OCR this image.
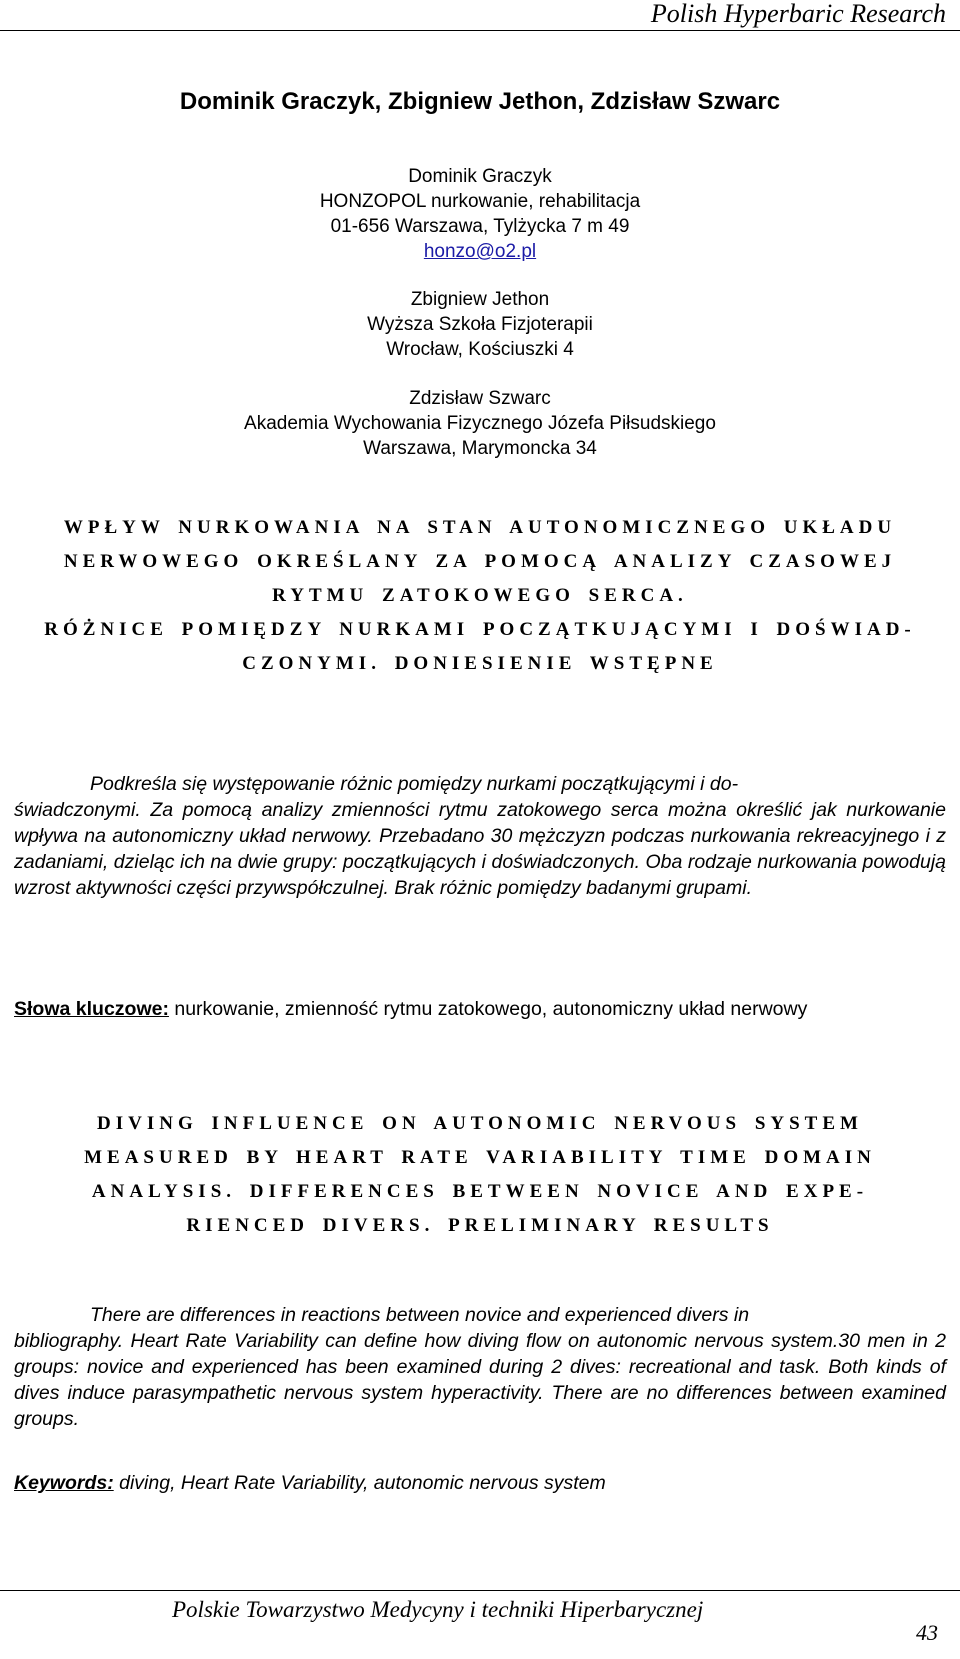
Polish Hyperbaric Research
Dominik Graczyk, Zbigniew Jethon, Zdzisław Szwarc
Dominik Graczyk
HONZOPOL nurkowanie, rehabilitacja
01-656 Warszawa, Tylżycka 7 m 49
honzo@o2.pl
Zbigniew Jethon
Wyższa Szkoła Fizjoterapii
Wrocław, Kościuszki 4
Zdzisław Szwarc
Akademia Wychowania Fizycznego Józefa Piłsudskiego
Warszawa, Marymoncka 34
WPŁYW NURKOWANIA NA STAN AUTONOMICZNEGO UKŁADU
NERWOWEGO OKREŚLANY ZA POMOCĄ ANALIZY CZASOWEJ
RYTMU ZATOKOWEGO SERCA.
RÓŻNICE POMIĘDZY NURKAMI POCZĄTKUJĄCYMI I DOŚWIAD-
CZONYMI. DONIESIENIE WSTĘPNE
Podkreśla się występowanie różnic pomiędzy nurkami początkującymi i do-
świadczonymi. Za pomocą analizy zmienności rytmu zatokowego serca można określić jak nurkowanie wpływa na autonomiczny układ nerwowy. Przebadano 30 mężczyzn podczas nurkowania rekreacyjnego i z zadaniami, dzieląc ich na dwie grupy: początkujących i doświadczonych. Oba rodzaje nurkowania powodują wzrost aktywności części przywspółczulnej. Brak różnic pomiędzy badanymi grupami.
Słowa kluczowe: nurkowanie, zmienność rytmu zatokowego, autonomiczny układ nerwowy
DIVING INFLUENCE ON AUTONOMIC NERVOUS SYSTEM
MEASURED BY HEART RATE VARIABILITY TIME DOMAIN
ANALYSIS. DIFFERENCES BETWEEN NOVICE AND EXPE-
RIENCED DIVERS. PRELIMINARY RESULTS
There are differences in reactions between novice and experienced divers in
bibliography. Heart Rate Variability can define how diving flow on autonomic nervous system.30 men in 2 groups: novice and experienced has been examined during 2 dives: recreational and task. Both kinds of dives induce parasympathetic nervous system hyperactivity. There are no differences between examined groups.
Keywords: diving, Heart Rate Variability, autonomic nervous system
Polskie Towarzystwo Medycyny i techniki Hiperbarycznej
43
